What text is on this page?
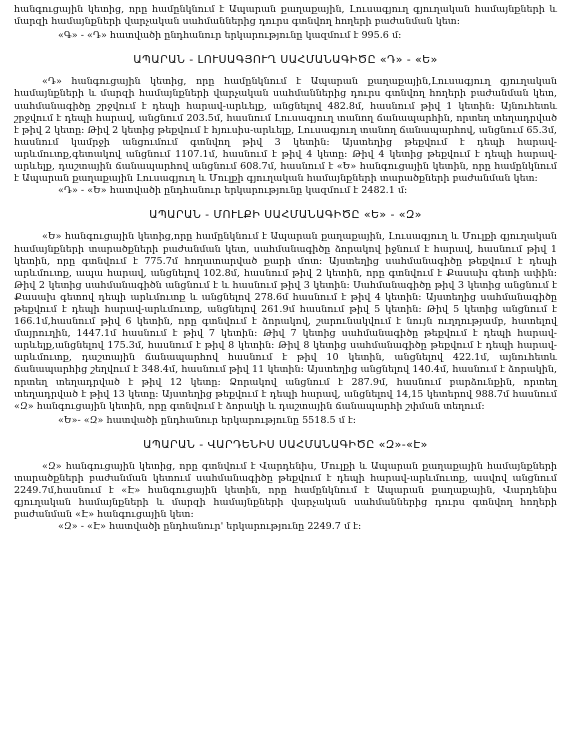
հանգուցային կետից, որը համընկնում է Ապարան քաղաքային, Լուսագյուղ գյուղական համայնքների և մարզի համայնքների վարչական սահմաններից դուրս գտնվող հողերի բաժանման կետ:

«Գ» - «Դ» հատվածի ընդհանուր երկարությունը կազմում է 995.6 մ:

ԱՊԱՐԱՆ - ԼՈՒՍԱԳՅՈՒՂ ՍԱՀՄԱՆԱԳԻԾԸ «Դ» - «Ե»

«Դ» հանգուցային կետից, որը համընկնում է Ապարան քաղաքային,Լուսագյուղ գյուղական համայնքների և մարզի համայնքների վարչական սահմաններից դուրս գտնվող հողերի բաժանման կետ, սահմանագիծը շրջվում է դեպի հարավ-արևելք, անցնելով 482.8մ, հասնում թիվ 1 կետին: Այնուհետև շրջվում է դեպի հարավ, անցնում 203.5մ, հասնում Լուսագյուղ տանող ճանապարհին, որտեղ տեղադրված է թիվ 2 կետը: Թիվ 2 կետից թեքվում է հյուսիս-արևելք, Լուսագյուղ տանող ճանապարհով, անցնում 65.3մ, հասնում կամրջի անցումում գտնվող թիվ 3 կետին: Այստեղից թեքվում է դեպի հարավ-արևմուտք,գետակով անցնում 1107.1մ, հասնում է թիվ 4 կետը: Թիվ 4 կետից թեքվում է դեպի հարավ-արևելք, դաշտային ճանապարհով անցնում 608.7մ, հասնում է «Ե» հանգուցային կետին, որը համընկնում է Ապարան քաղաքային Լուսագյուղ և Մուլքի գյուղական համայնքների տարածքների բաժանման կետ:

«Դ» - «Ե» հատվածի ընդհանուր երկարությունը կազմում է 2482.1 մ:

ԱՊԱՐԱՆ - ՄՈՒԼՔԻ ՍԱՀՄԱՆԱԳԻԾԸ «Ե» - «Զ»

«Ե» հանգուցային կետից,որը համընկնում է Ապարան քաղաքային, Լուսագյուղ և Մուլքի գյուղական համայնքների տարածքների բաժանման կետ, սահմանագիծը ձորակով իջնում է հարավ, հասնում թիվ 1 կետին, որը գտնվում է 775.7մ հողատարված քարի մոտ: Այստեղից սահմանագիծը թեքվում է դեպի արևմուտք, ապա հարավ, անցնելով 102.8մ, հասնում թիվ 2 կետին, որը գտնվում է Քասախ գետի ափին: Թիվ 2 կետից սահմանագիծն անցնում է և հասնում թիվ 3 կետին: Սահմանագիծը թիվ 3 կետից անցնում է Քասախ գետով դեպի արևմուտք և անցնելով 278.6մ հասնում է թիվ 4 կետին: Այստեղից սահմանագիծը թեքվում է դեպի հարավ-արևմուտք, անցնելով 261.9մ հասնում թիվ 5 կետին: Թիվ 5 կետից անցնում է 166.1մ,հասնում թիվ 6 կետին, որը գտնվում է ձորակով, շարունակվում է նույն ուղղությամբ, հատելով մայրուղին, 1447.1մ հասնում է թիվ 7 կետին: Թիվ 7 կետից սահմանագիծը թեքվում է դեպի հարավ-արևելք,անցնելով 175.3մ, հասնում է թիվ 8 կետին: Թիվ 8 կետից սահմանագիծը թեքվում է դեպի հարավ-արևմուտք, դաշտային ճանապարհով հասնում է թիվ 10 կետին, անցնելով 422.1մ, այնուհետև ճանապարհից շեղվում է 348.4մ, հասնում թիվ 11 կետին: Այստեղից անցնելով 140.4մ, հասնում է ձորակին, որտեղ տեղադրված է թիվ 12 կետը: Ձորակով անցնում է 287.9մ, հասնում բարձունքին, որտեղ տեղադրված է թիվ 13 կետը: Այստեղից թեքվում է դեպի հարավ, անցնելով 14,15 կետերով 988.7մ հասնում «Զ» հանգուցային կետին, որը գտնվում է ձորակի և դաշտային ճանապարհի շփման տեղում:

«Ե»- «Զ» հատվածի ընդհանուր երկարությունը 5518.5 մ է:

ԱՊԱՐԱՆ - ՎԱՐԴԵՆԻՍ ՍԱՀՄԱՆԱԳԻԾԸ «Զ»-«Է»

«Զ» հանգուցային կետից, որը գտնվում է Վարդենիս, Մուլքի և Ապարան քաղաքային համայնքների տարածքների բաժանման կետում սահմանագիծը թեքվում է դեպի հարավ-արևմուտք, ասվով անցնում 2249.7մ,հասնում է «Է» հանգուցային կետին, որը համընկնում է Ապարան քաղաքային, Վարդենիս գյուղական համայնքների և մարզի համայնքների վարչական սահմաններից դուրս գտնվող հողերի բաժանման «Է» հանգուցային կետ:

«Զ» - «Է» հատվածի ընդհանուր' երկարությունը 2249.7 մ է:
